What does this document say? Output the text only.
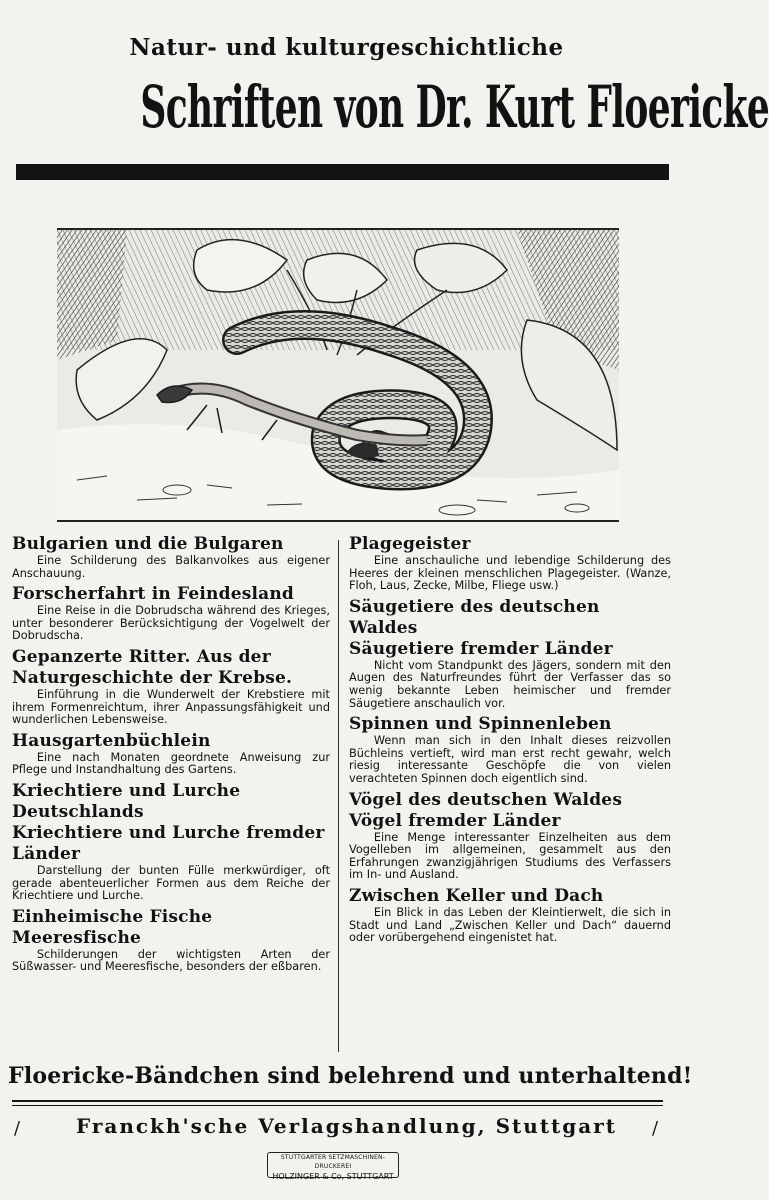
Natur- und kulturgeschichtliche
Schriften von Dr. Kurt Floericke
Bulgarien und die Bulgaren
Eine Schilderung des Balkanvolkes aus eigener Anschauung.
Forscherfahrt in Feindesland
Eine Reise in die Dobrudscha während des Krieges, unter besonderer Berücksichtigung der Vogelwelt der Dobrudscha.
Gepanzerte Ritter. Aus der Naturgeschichte der Krebse.
Einführung in die Wunderwelt der Krebstiere mit ihrem Formenreichtum, ihrer Anpassungsfähigkeit und wunderlichen Lebensweise.
Hausgartenbüchlein
Eine nach Monaten geordnete Anweisung zur Pflege und Instandhaltung des Gartens.
Kriechtiere und Lurche Deutschlands
Kriechtiere und Lurche fremder Länder
Darstellung der bunten Fülle merkwürdiger, oft gerade abenteuerlicher Formen aus dem Reiche der Kriechtiere und Lurche.
Einheimische Fische
Meeresfische
Schilderungen der wichtigsten Arten der Süßwasser- und Meeresfische, besonders der eßbaren.
Plagegeister
Eine anschauliche und lebendige Schilderung des Heeres der kleinen menschlichen Plagegeister. (Wanze, Floh, Laus, Zecke, Milbe, Fliege usw.)
Säugetiere des deutschen Waldes
Säugetiere fremder Länder
Nicht vom Standpunkt des Jägers, sondern mit den Augen des Naturfreundes führt der Verfasser das so wenig bekannte Leben heimischer und fremder Säugetiere anschaulich vor.
Spinnen und Spinnenleben
Wenn man sich in den Inhalt dieses reizvollen Büchleins vertieft, wird man erst recht gewahr, welch riesig interessante Geschöpfe die von vielen verachteten Spinnen doch eigentlich sind.
Vögel des deutschen Waldes
Vögel fremder Länder
Eine Menge interessanter Einzelheiten aus dem Vogelleben im allgemeinen, gesammelt aus den Erfahrungen zwanzigjährigen Studiums des Verfassers im In- und Ausland.
Zwischen Keller und Dach
Ein Blick in das Leben der Kleintierwelt, die sich in Stadt und Land „Zwischen Keller und Dach“ dauernd oder vorübergehend eingenistet hat.
Floericke-Bändchen sind belehrend und unterhaltend!
/	Franckh'sche Verlagshandlung, Stuttgart	/
STUTTGARTER SETZMASCHINEN-DRUCKEREI
HOLZINGER & Co, STUTTGART
